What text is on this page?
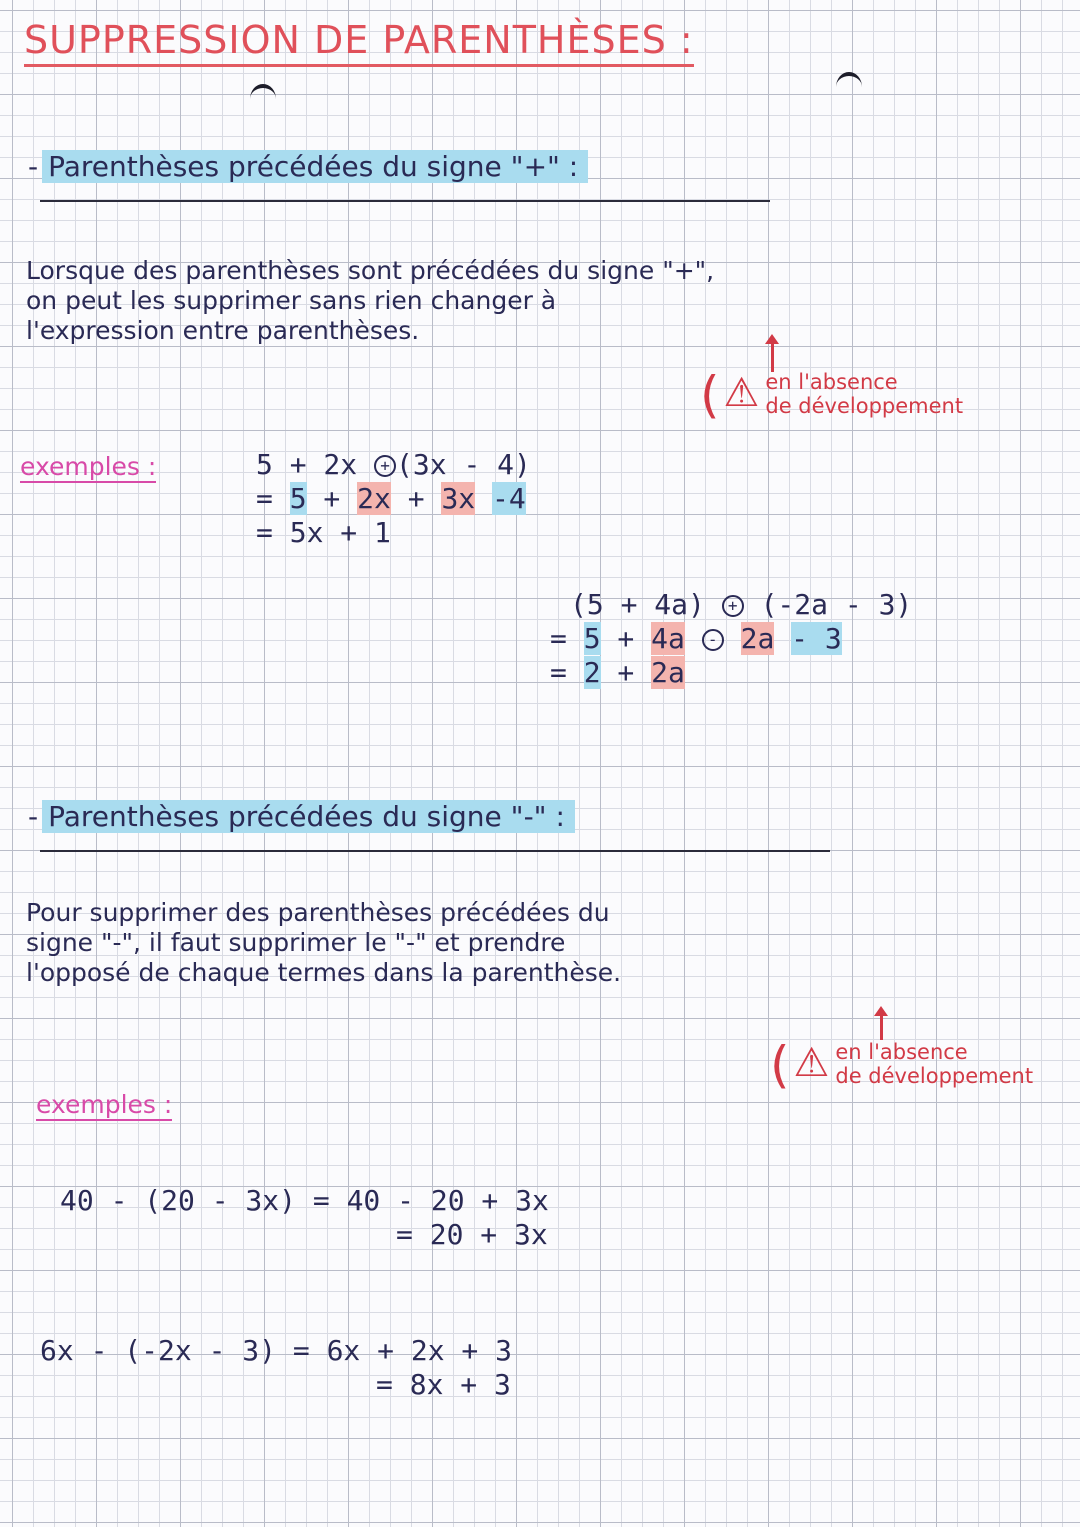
SUPPRESSION DE PARENTHÈSES :
- Parenthèses précédées du signe "+" :
Lorsque des parenthèses sont précédées du signe "+",
on peut les supprimer sans rien changer à
l'expression entre parenthèses.
( ⚠ en l'absence
de développement
exemples :	5 + 2x + (3x - 4)
= 5 + 2x + 3x -4
= 5x + 1
(5 + 4a) + (-2a - 3)
= 5 + 4a - 2a - 3
= 2 + 2a
- Parenthèses précédées du signe "-" :
Pour supprimer des parenthèses précédées du
signe "-", il faut supprimer le "-" et prendre
l'opposé de chaque termes dans la parenthèse.
( ⚠ en l'absence
de développement
exemples :
40 - (20 - 3x) = 40 - 20 + 3x
= 20 + 3x
6x - (-2x - 3) = 6x + 2x + 3
= 8x + 3
